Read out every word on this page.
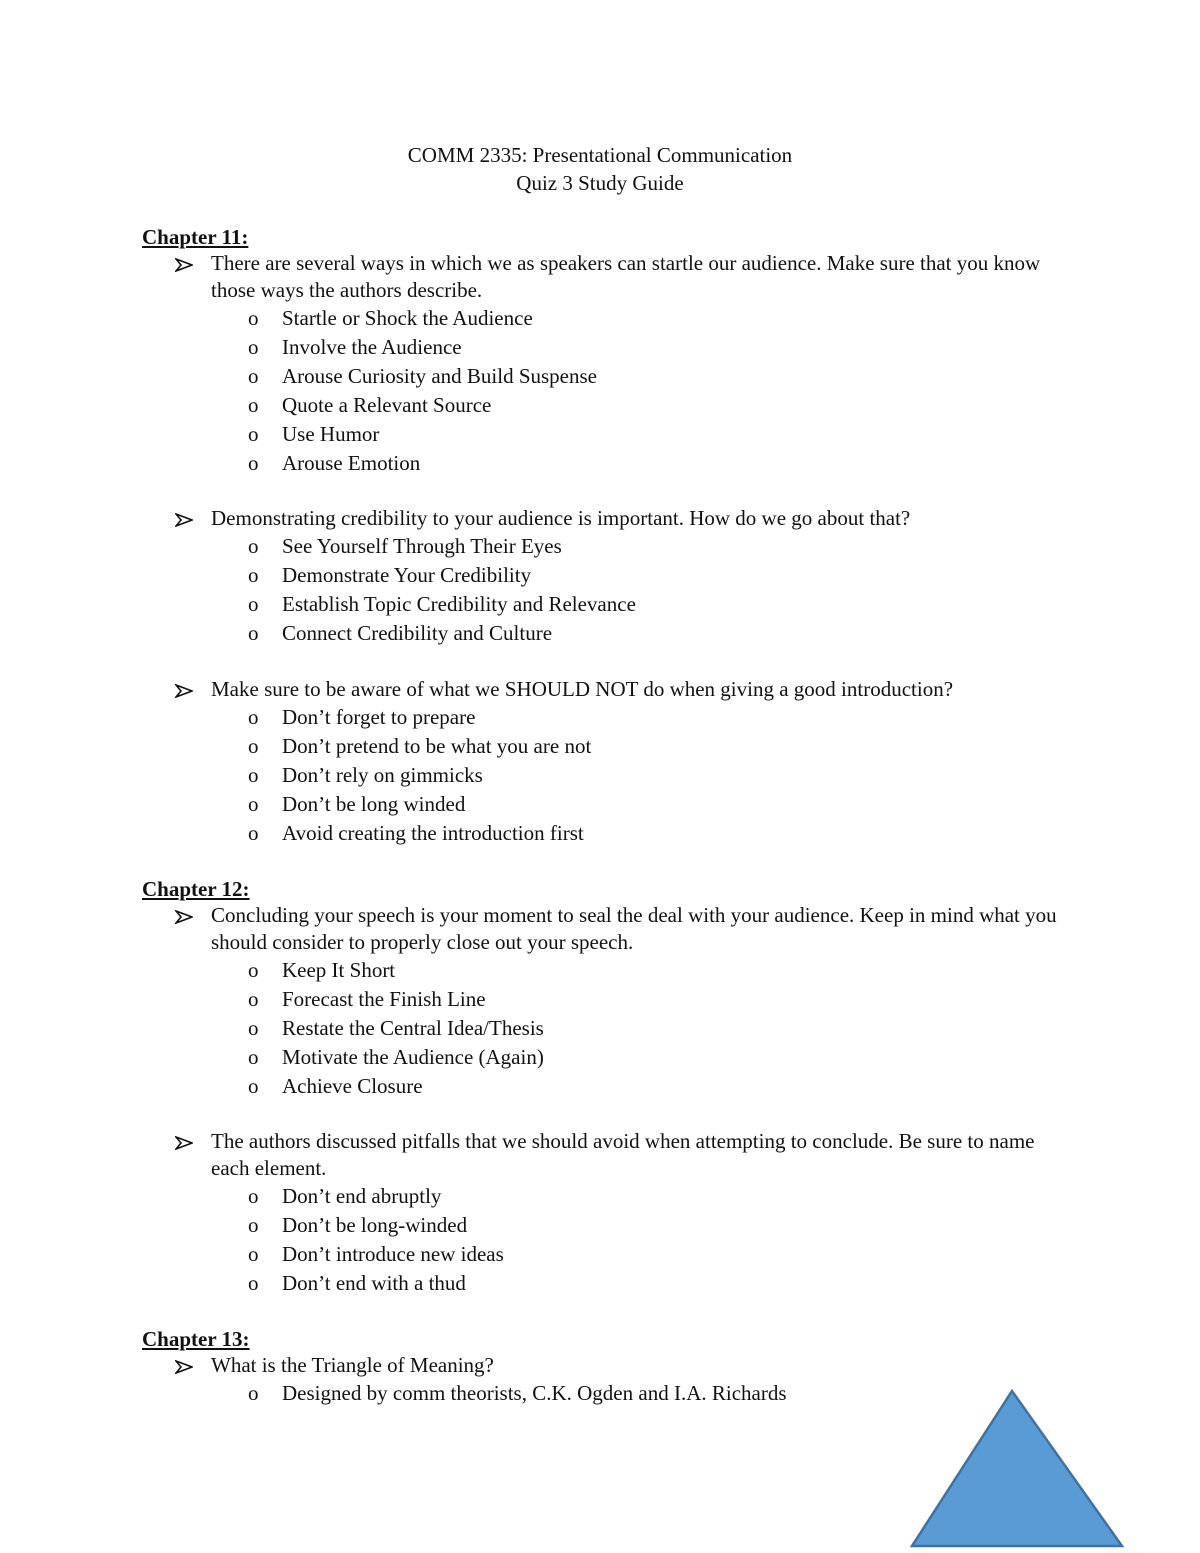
COMM 2335: Presentational Communication
Quiz 3 Study Guide
Chapter 11:
There are several ways in which we as speakers can startle our audience. Make sure that you know those ways the authors describe.
o Startle or Shock the Audience
o Involve the Audience
o Arouse Curiosity and Build Suspense
o Quote a Relevant Source
o Use Humor
o Arouse Emotion
Demonstrating credibility to your audience is important. How do we go about that?
o See Yourself Through Their Eyes
o Demonstrate Your Credibility
o Establish Topic Credibility and Relevance
o Connect Credibility and Culture
Make sure to be aware of what we SHOULD NOT do when giving a good introduction?
o Don’t forget to prepare
o Don’t pretend to be what you are not
o Don’t rely on gimmicks
o Don’t be long winded
o Avoid creating the introduction first
Chapter 12:
Concluding your speech is your moment to seal the deal with your audience. Keep in mind what you should consider to properly close out your speech.
o Keep It Short
o Forecast the Finish Line
o Restate the Central Idea/Thesis
o Motivate the Audience (Again)
o Achieve Closure
The authors discussed pitfalls that we should avoid when attempting to conclude. Be sure to name each element.
o Don’t end abruptly
o Don’t be long-winded
o Don’t introduce new ideas
o Don’t end with a thud
Chapter 13:
What is the Triangle of Meaning?
o Designed by comm theorists, C.K. Ogden and I.A. Richards
